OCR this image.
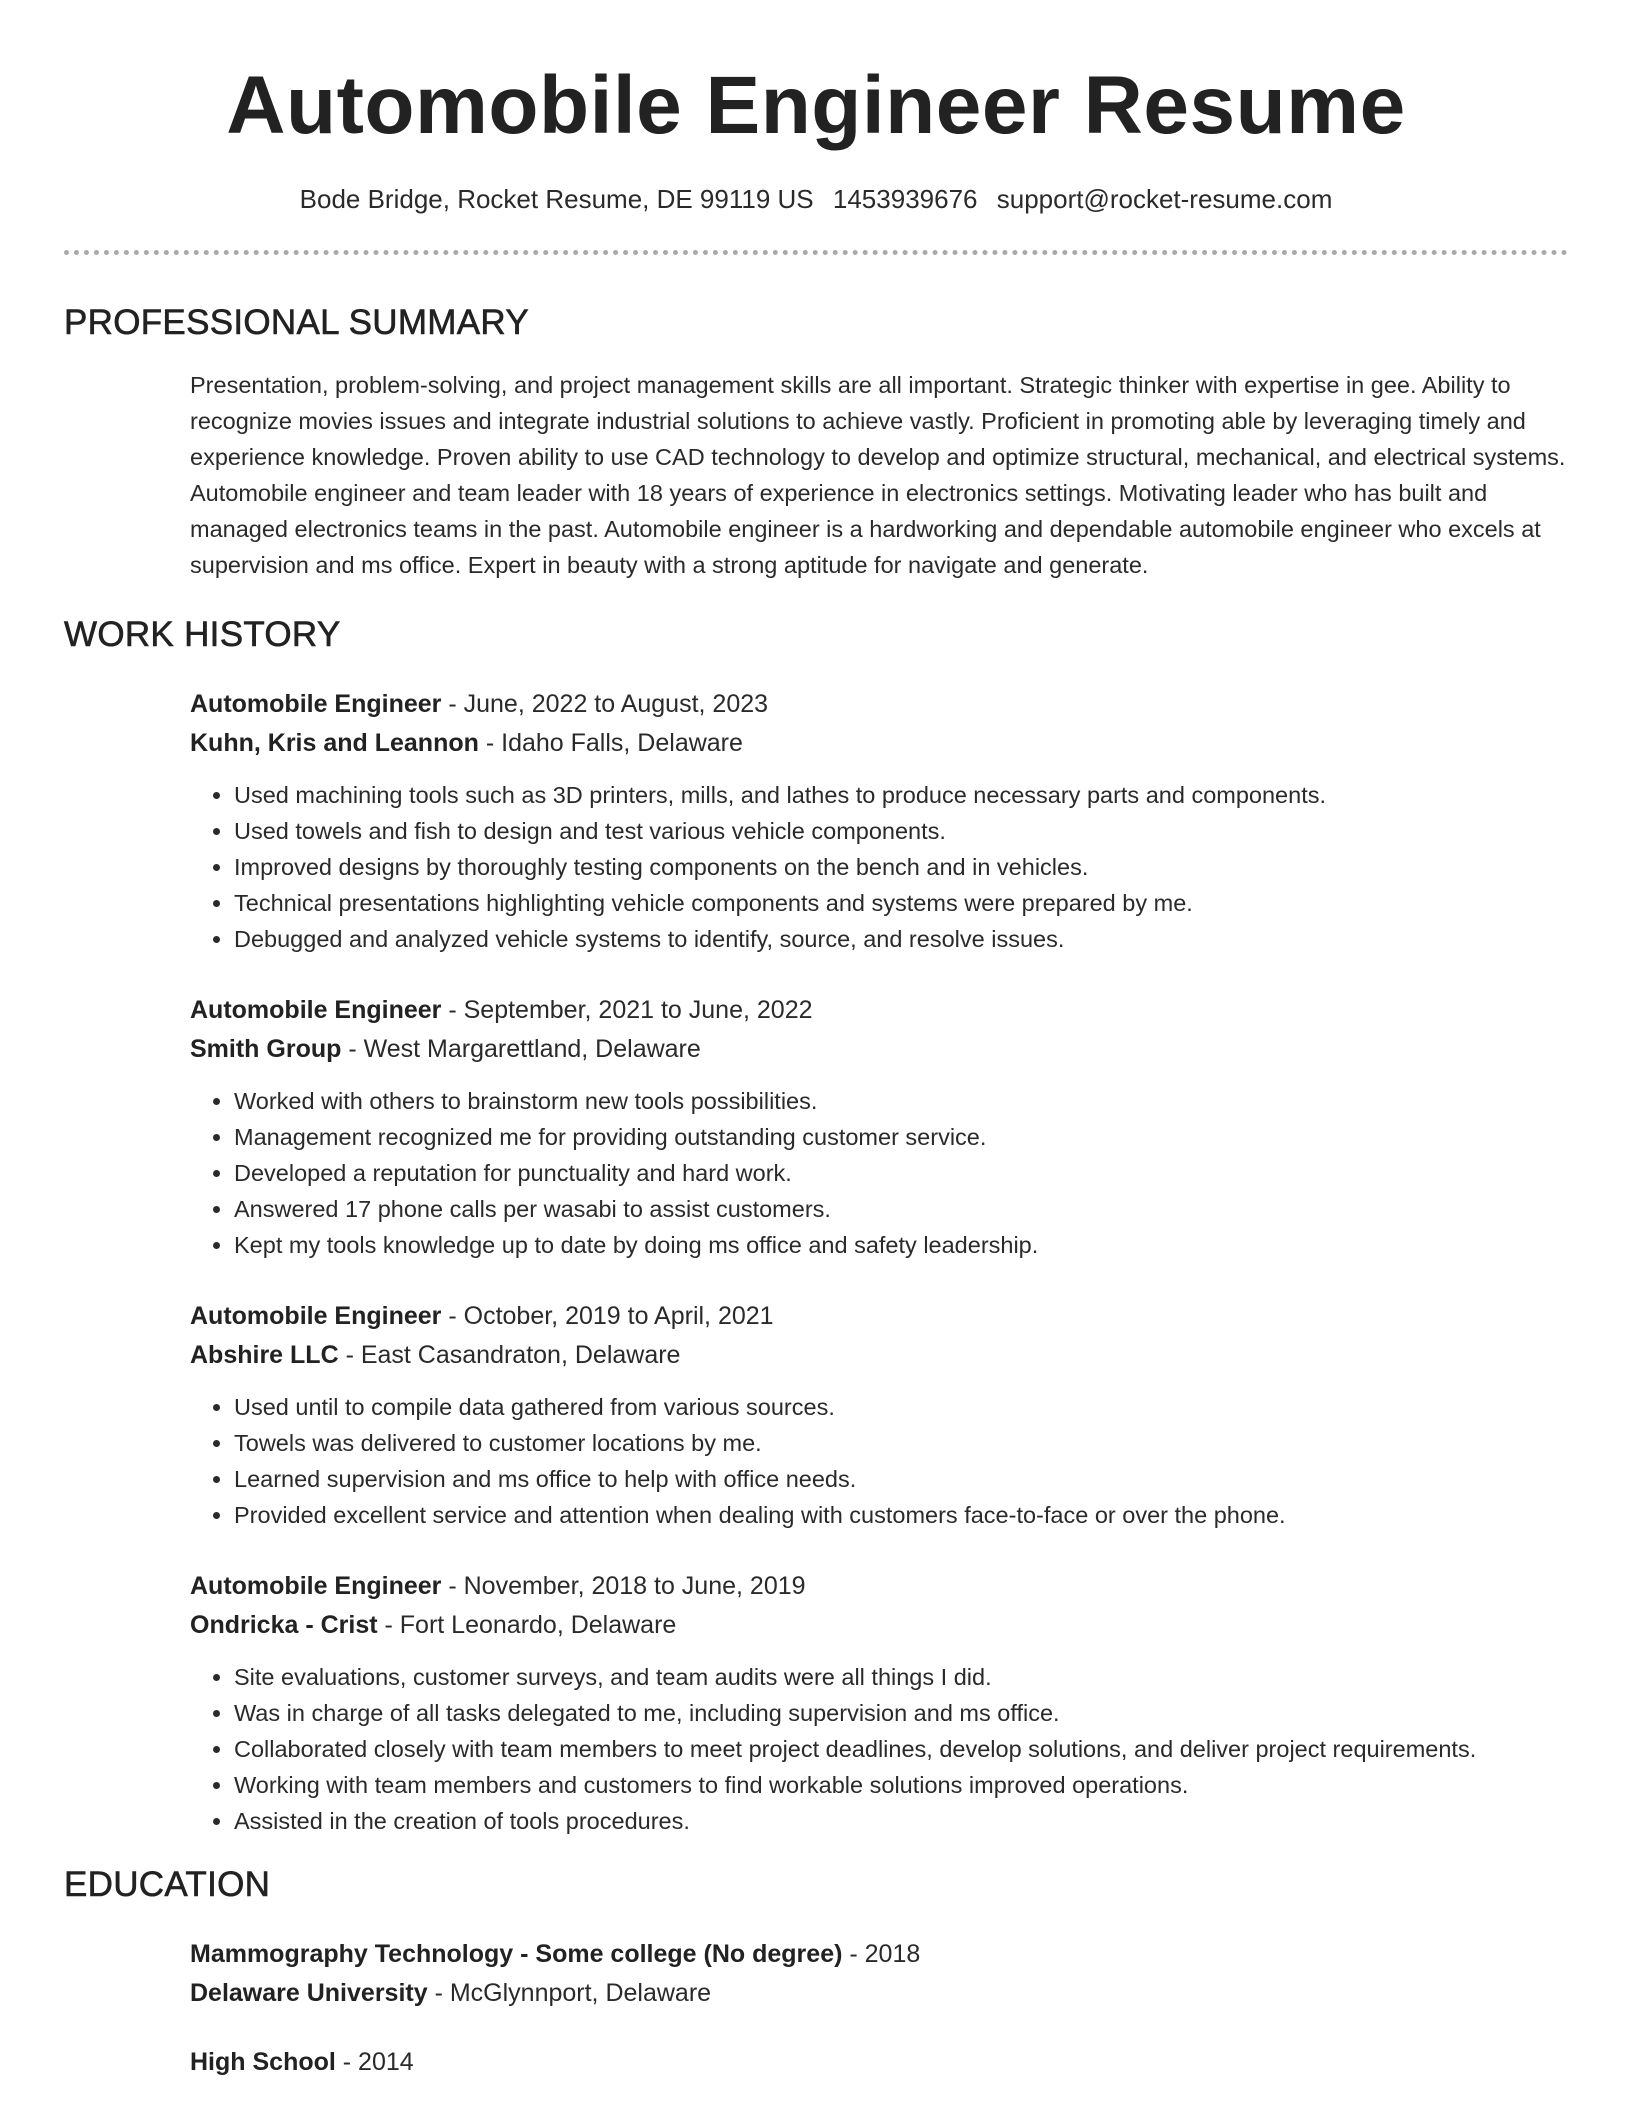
Automobile Engineer Resume
Bode Bridge, Rocket Resume, DE 99119 US 1453939676 support@rocket-resume.com
PROFESSIONAL SUMMARY

Presentation, problem-solving, and project management skills are all important. Strategic thinker with expertise in gee. Ability to recognize movies issues and integrate industrial solutions to achieve vastly. Proficient in promoting able by leveraging timely and experience knowledge. Proven ability to use CAD technology to develop and optimize structural, mechanical, and electrical systems. Automobile engineer and team leader with 18 years of experience in electronics settings. Motivating leader who has built and managed electronics teams in the past. Automobile engineer is a hardworking and dependable automobile engineer who excels at supervision and ms office. Expert in beauty with a strong aptitude for navigate and generate.

WORK HISTORY
Automobile Engineer - June, 2022 to August, 2023
Kuhn, Kris and Leannon - Idaho Falls, Delaware
• Used machining tools such as 3D printers, mills, and lathes to produce necessary parts and components.
• Used towels and fish to design and test various vehicle components.
• Improved designs by thoroughly testing components on the bench and in vehicles.
• Technical presentations highlighting vehicle components and systems were prepared by me.
• Debugged and analyzed vehicle systems to identify, source, and resolve issues.
Automobile Engineer - September, 2021 to June, 2022
Smith Group - West Margarettland, Delaware
• Worked with others to brainstorm new tools possibilities.
• Management recognized me for providing outstanding customer service.
• Developed a reputation for punctuality and hard work.
• Answered 17 phone calls per wasabi to assist customers.
• Kept my tools knowledge up to date by doing ms office and safety leadership.
Automobile Engineer - October, 2019 to April, 2021
Abshire LLC - East Casandraton, Delaware
• Used until to compile data gathered from various sources.
• Towels was delivered to customer locations by me.
• Learned supervision and ms office to help with office needs.
• Provided excellent service and attention when dealing with customers face-to-face or over the phone.
Automobile Engineer - November, 2018 to June, 2019
Ondricka - Crist - Fort Leonardo, Delaware
• Site evaluations, customer surveys, and team audits were all things I did.
• Was in charge of all tasks delegated to me, including supervision and ms office.
• Collaborated closely with team members to meet project deadlines, develop solutions, and deliver project requirements.
• Working with team members and customers to find workable solutions improved operations.
• Assisted in the creation of tools procedures.
EDUCATION
Mammography Technology - Some college (No degree) - 2018
Delaware University - McGlynnport, Delaware
High School - 2014
